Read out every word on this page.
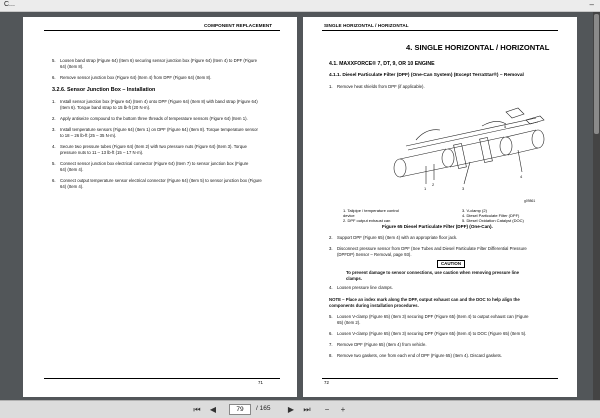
C...	–
COMPONENT REPLACEMENT
5. Loosen band strap (Figure 64) (Item 6) securing sensor junction box (Figure 64) (Item 4) to DPF (Figure
64) (Item 8).
6. Remove sensor junction box (Figure 64) (Item 4) from DPF (Figure 64) (Item 8).
3.2.6. Sensor Junction Box – Installation
1. Install sensor junction box (Figure 64) (Item 4) onto DPF (Figure 64) (Item 8) with band strap (Figure 64)
(Item 6). Torque band strap to 15 lb-ft (20 N·m).
2. Apply antiseize compound to the bottom three threads of temperature sensors (Figure 64) (Item 1).
3. Install temperature sensors (Figure 64) (Item 1) on DPF (Figure 64) (Item 8). Torque temperature sensor
to 18 – 26 lb-ft (25 – 35 N·m).
4. Secure two pressure tubes (Figure 64) (Item 2) with two pressure nuts (Figure 64) (Item 3). Torque
pressure nuts to 11 – 13 lb-ft (15 – 17 N·m).
5. Connect sensor junction box electrical connector (Figure 64) (Item 7) to sensor junction box (Figure
64) (Item 4).
6. Connect output temperature sensor electrical connector (Figure 64) (Item 5) to sensor junction box (Figure
64) (Item 4).
71
SINGLE HORIZONTAL / HORIZONTAL
4. SINGLE HORIZONTAL / HORIZONTAL
4.1. MAXXFORCE® 7, DT, 9, OR 10 ENGINE
4.1.1. Diesel Particulate Filter (DPF) (One-Can System) (Except TerraStar®) – Removal
1. Remove heat shields from DPF (if applicable).
1
2
3
4
5
g09861
1. Tailpipe / temperature control
device
2. DPF output exhaust can
3. V-clamp (2)
4. Diesel Particulate Filter (DPF)
5. Diesel Oxidation Catalyst (DOC)
Figure 65 Diesel Particulate Filter (DPF) (One-Can).
2. Support DPF (Figure 65) (Item 4) with an appropriate floor jack.
3. Disconnect pressure sensor from DPF (See Tubes and Diesel Particulate Filter Differential Pressure
(DPFDP) Sensor – Removal, page 93).
CAUTION
To prevent damage to sensor connections, use caution when removing pressure line
clamps.
4. Loosen pressure line clamps.
NOTE – Place an index mark along the DPF, output exhaust can and the DOC to help align the
components during installation procedures.
5. Loosen V-clamp (Figure 65) (Item 3) securing DPF (Figure 65) (Item 4) to output exhaust can (Figure
65) (Item 2).
6. Loosen V-clamp (Figure 65) (Item 3) securing DPF (Figure 65) (Item 4) to DOC (Figure 65) (Item 5).
7. Remove DPF (Figure 65) (Item 4) from vehicle.
8. Remove two gaskets, one from each end of DPF (Figure 65) (Item 4). Discard gaskets.
72
⏮ ◀	79	/ 165 ▶ ⏭	−	+
